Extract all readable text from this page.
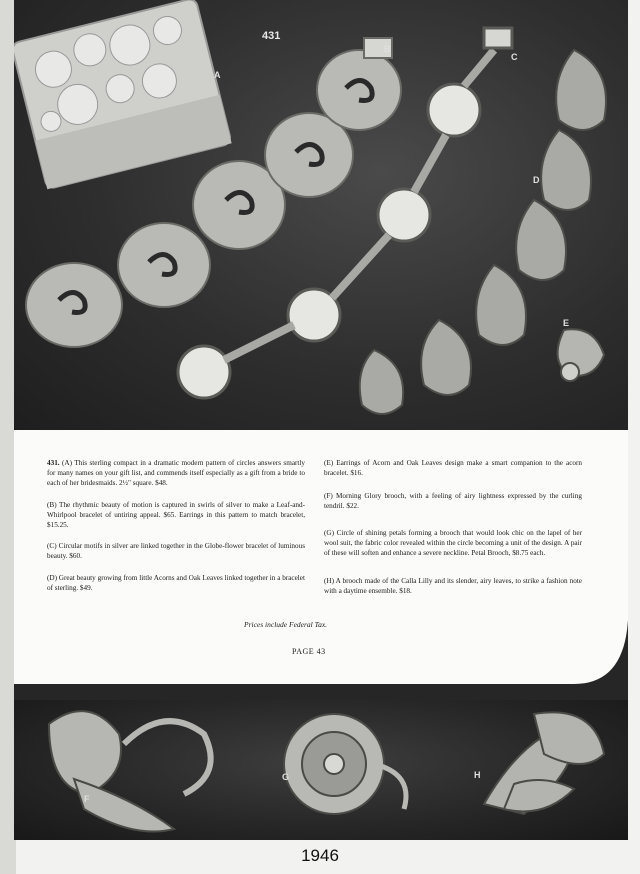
431
A
B
C
D
E

431. (A) This sterling compact in a dramatic modern pattern of circles answers smartly for many names on your gift list, and commends itself especially as a gift from a bride to each of her bridesmaids. 2½" square. $48.

(B) The rhythmic beauty of motion is captured in swirls of silver to make a Leaf-and-Whirlpool bracelet of untiring appeal. $65. Earrings in this pattern to match bracelet, $15.25.

(C) Circular motifs in silver are linked together in the Globe-flower bracelet of luminous beauty. $60.

(D) Great beauty growing from little Acorns and Oak Leaves linked together in a bracelet of sterling. $49.

(E) Earrings of Acorn and Oak Leaves design make a smart companion to the acorn bracelet. $16.

(F) Morning Glory brooch, with a feeling of airy lightness expressed by the curling tendril. $22.

(G) Circle of shining petals forming a brooch that would look chic on the lapel of her wool suit, the fabric color revealed within the circle becoming a unit of the design. A pair of these will soften and enhance a severe neckline. Petal Brooch, $8.75 each.

(H) A brooch made of the Calla Lilly and its slender, airy leaves, to strike a fashion note with a daytime ensemble. $18.

Prices include Federal Tax.
PAGE 43
F
G	H
1946
